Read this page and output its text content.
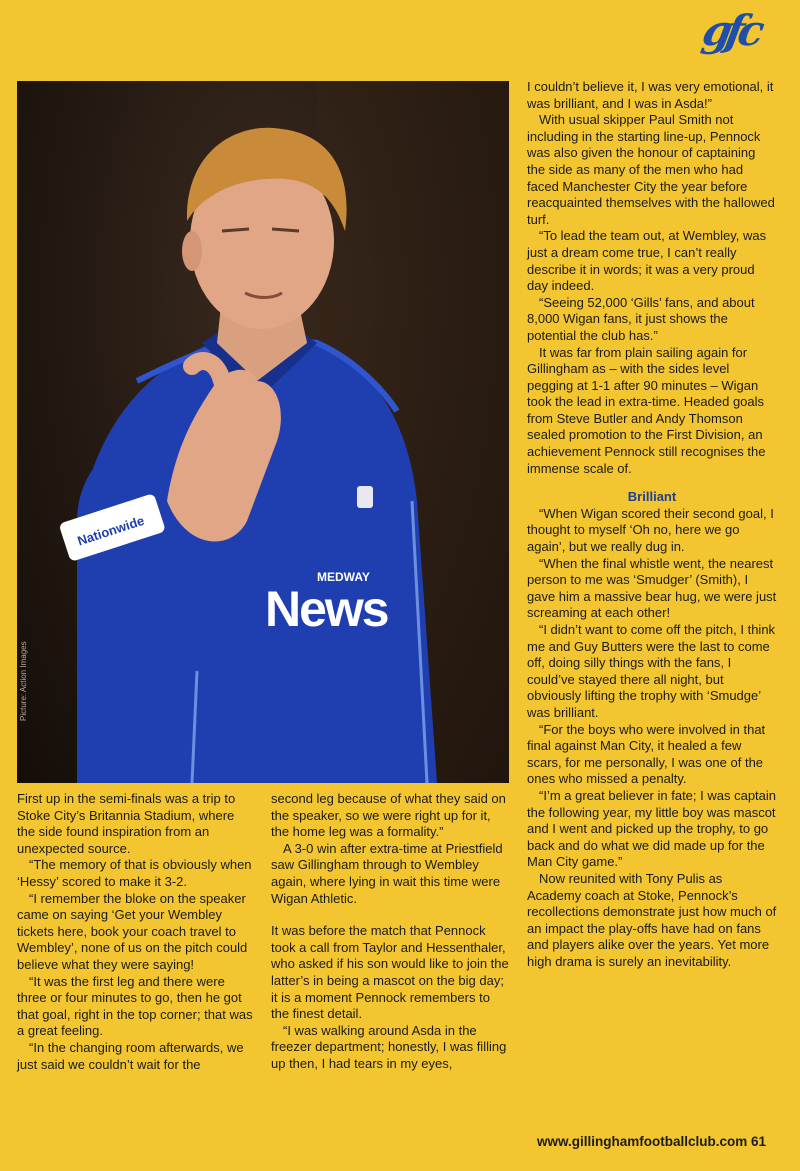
gfc
Nationwide
MEDWAY
News
Picture: Action Images

I couldn’t believe it, I was very emotional, it was brilliant, and I was in Asda!”

With usual skipper Paul Smith not including in the starting line-up, Pennock was also given the honour of captaining the side as many of the men who had faced Manchester City the year before reacquainted themselves with the hallowed turf.

“To lead the team out, at Wembley, was just a dream come true, I can’t really describe it in words; it was a very proud day indeed.

“Seeing 52,000 ‘Gills’ fans, and about 8,000 Wigan fans, it just shows the potential the club has.”

It was far from plain sailing again for Gillingham as – with the sides level pegging at 1-1 after 90 minutes – Wigan took the lead in extra-time. Headed goals from Steve Butler and Andy Thomson sealed promotion to the First Division, an achievement Pennock still recognises the immense scale of.

Brilliant

“When Wigan scored their second goal, I thought to myself ‘Oh no, here we go again’, but we really dug in.

“When the final whistle went, the nearest person to me was ‘Smudger’ (Smith), I gave him a massive bear hug, we were just screaming at each other!

“I didn’t want to come off the pitch, I think me and Guy Butters were the last to come off, doing silly things with the fans, I could’ve stayed there all night, but obviously lifting the trophy with ‘Smudge’ was brilliant.

“For the boys who were involved in that final against Man City, it healed a few scars, for me personally, I was one of the ones who missed a penalty.

“I’m a great believer in fate; I was captain the following year, my little boy was mascot and I went and picked up the trophy, to go back and do what we did made up for the Man City game.”

Now reunited with Tony Pulis as Academy coach at Stoke, Pennock’s recollections demonstrate just how much of an impact the play-offs have had on fans and players alike over the years. Yet more high drama is surely an inevitability.

First up in the semi-finals was a trip to Stoke City’s Britannia Stadium, where the side found inspiration from an unexpected source.

“The memory of that is obviously when ‘Hessy’ scored to make it 3-2.

“I remember the bloke on the speaker came on saying ‘Get your Wembley tickets here, book your coach travel to Wembley’, none of us on the pitch could believe what they were saying!

“It was the first leg and there were three or four minutes to go, then he got that goal, right in the top corner; that was a great feeling.

“In the changing room afterwards, we just said we couldn’t wait for the

second leg because of what they said on the speaker, so we were right up for it, the home leg was a formality.”

A 3-0 win after extra-time at Priestfield saw Gillingham through to Wembley again, where lying in wait this time were Wigan Athletic.

It was before the match that Pennock took a call from Taylor and Hessenthaler, who asked if his son would like to join the latter’s in being a mascot on the big day; it is a moment Pennock remembers to the finest detail.

“I was walking around Asda in the freezer department; honestly, I was filling up then, I had tears in my eyes,

www.gillinghamfootballclub.com 61
